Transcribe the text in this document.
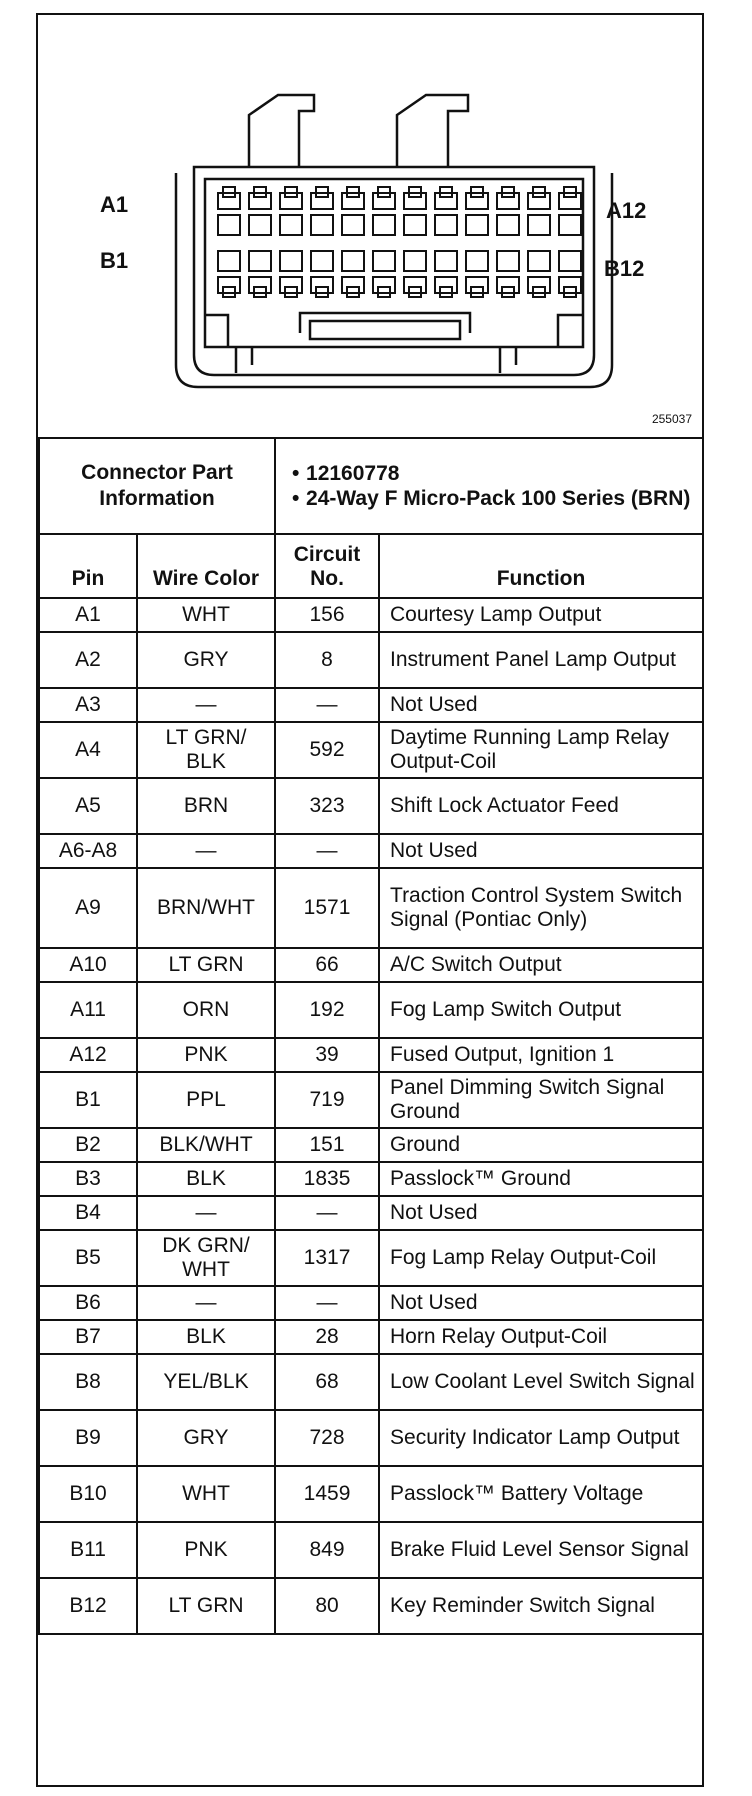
A1
B1
A12
B12
255037
Connector Part Information		• 12160778
• 24-Way F Micro-Pack 100 Series (BRN)	

Pin	Wire Color	Circuit No.	Function
A1	WHT	156	Courtesy Lamp Output
A2	GRY	8	Instrument Panel Lamp Output
A3	—	—	Not Used
A4	LT GRN/ BLK	592	Daytime Running Lamp Relay Output-Coil
A5	BRN	323	Shift Lock Actuator Feed
A6-A8	—	—	Not Used
A9	BRN/WHT	1571	Traction Control System Switch Signal (Pontiac Only)
A10	LT GRN	66	A/C Switch Output
A11	ORN	192	Fog Lamp Switch Output
A12	PNK	39	Fused Output, Ignition 1
B1	PPL	719	Panel Dimming Switch Signal Ground
B2	BLK/WHT	151	Ground
B3	BLK	1835	Passlock™ Ground
B4	—	—	Not Used
B5	DK GRN/ WHT	1317	Fog Lamp Relay Output-Coil
B6	—	—	Not Used
B7	BLK	28	Horn Relay Output-Coil
B8	YEL/BLK	68	Low Coolant Level Switch Signal
B9	GRY	728	Security Indicator Lamp Output
B10	WHT	1459	Passlock™ Battery Voltage
B11	PNK	849	Brake Fluid Level Sensor Signal
B12	LT GRN	80	Key Reminder Switch Signal
